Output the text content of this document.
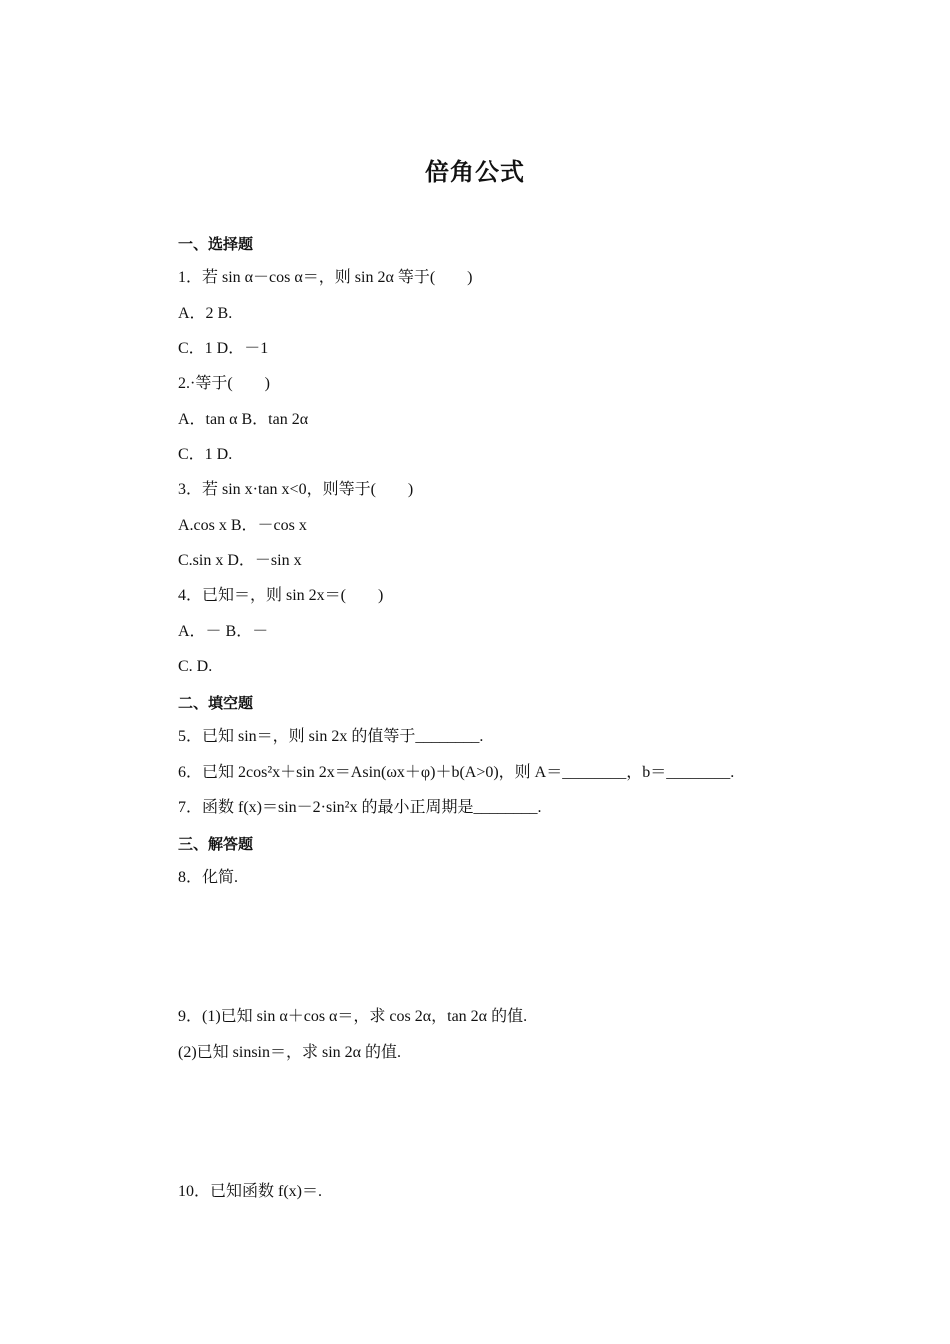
倍角公式
一、选择题
1．若 sin α－cos α＝，则 sin 2α 等于(　　)
A．2 B.
C．1 D．－1
2.·等于(　　)
A．tan α B．tan 2α
C．1 D.
3．若 sin x·tan x<0，则等于(　　)
A.cos x B．－cos x
C.sin x D．－sin x
4．已知＝，则 sin 2x＝(　　)
A．－ B．－
C. D.
二、填空题
5．已知 sin＝，则 sin 2x 的值等于________.
6．已知 2cos²x＋sin 2x＝Asin(ωx＋φ)＋b(A>0)，则 A＝________，b＝________.
7．函数 f(x)＝sin－2·sin²x 的最小正周期是________.
三、解答题
8．化简.
9．(1)已知 sin α＋cos α＝，求 cos 2α，tan 2α 的值.
(2)已知 sinsin＝，求 sin 2α 的值.
10．已知函数 f(x)＝.
